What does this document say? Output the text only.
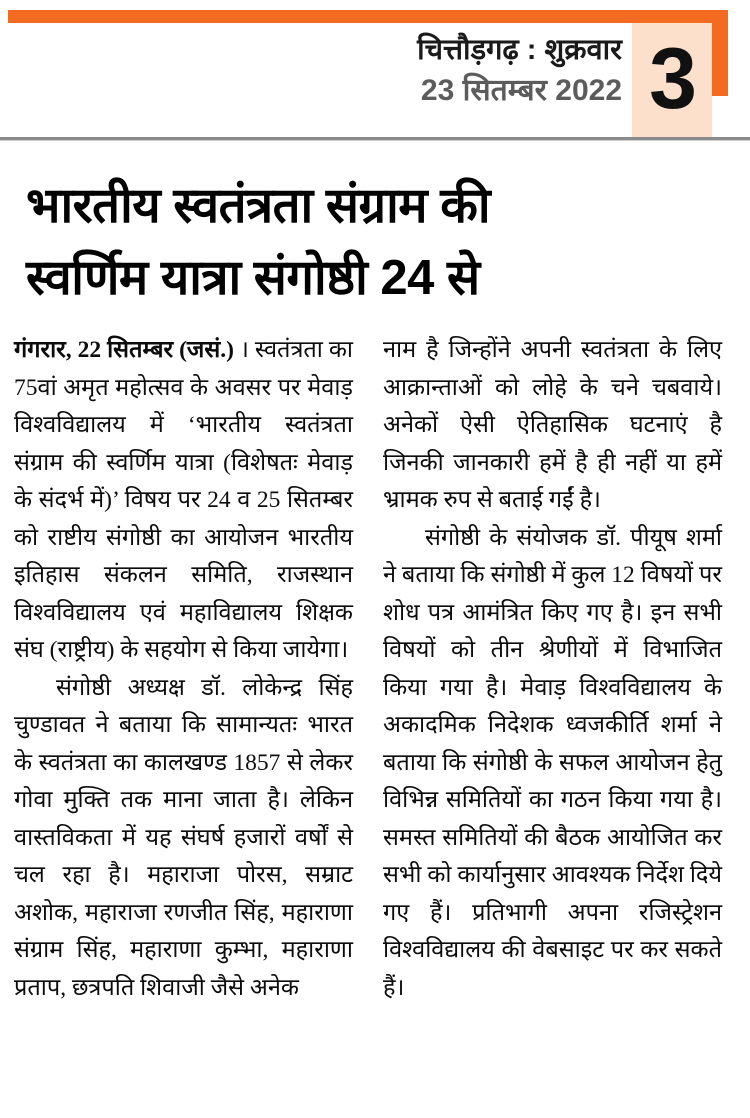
3
चित्तौड़गढ़ : शुक्रवार
23 सितम्बर 2022
भारतीय स्वतंत्रता संग्राम की
स्वर्णिम यात्रा संगोष्ठी 24 से

गंगरार, 22 सितम्बर (जसं.) । स्वतंत्रता का 75वां अमृत महोत्सव के अवसर पर मेवाड़ विश्वविद्यालय में ‘भारतीय स्वतंत्रता संग्राम की स्वर्णिम यात्रा (विशेषतः मेवाड़ के संदर्भ में)’ विषय पर 24 व 25 सितम्बर को राष्टीय संगोष्ठी का आयोजन भारतीय इतिहास संकलन समिति, राजस्थान विश्वविद्यालय एवं महाविद्यालय शिक्षक संघ (राष्ट्रीय) के सहयोग से किया जायेगा।

संगोष्ठी अध्यक्ष डॉ. लोकेन्द्र सिंह चुण्डावत ने बताया कि सामान्यतः भारत के स्वतंत्रता का कालखण्ड 1857 से लेकर गोवा मुक्ति तक माना जाता है। लेकिन वास्तविकता में यह संघर्ष हजारों वर्षों से चल रहा है। महाराजा पोरस, सम्राट अशोक, महाराजा रणजीत सिंह, महाराणा संग्राम सिंह, महाराणा कुम्भा, महाराणा प्रताप, छत्रपति शिवाजी जैसे अनेक

नाम है जिन्होंने अपनी स्वतंत्रता के लिए आक्रान्ताओं को लोहे के चने चबवाये। अनेकों ऐसी ऐतिहासिक घटनाएं है जिनकी जानकारी हमें है ही नहीं या हमें भ्रामक रुप से बताई गईं है।

संगोष्ठी के संयोजक डॉ. पीयूष शर्मा ने बताया कि संगोष्ठी में कुल 12 विषयों पर शोध पत्र आमंत्रित किए गए है। इन सभी विषयों को तीन श्रेणीयों में विभाजित किया गया है। मेवाड़ विश्वविद्यालय के अकादमिक निदेशक ध्वजकीर्ति शर्मा ने बताया कि संगोष्ठी के सफल आयोजन हेतु विभिन्न समितियों का गठन किया गया है। समस्त समितियों की बैठक आयोजित कर सभी को कार्यानुसार आवश्यक निर्देश दिये गए हैं। प्रतिभागी अपना रजिस्ट्रेशन विश्वविद्यालय की वेबसाइट पर कर सकते हैं।
